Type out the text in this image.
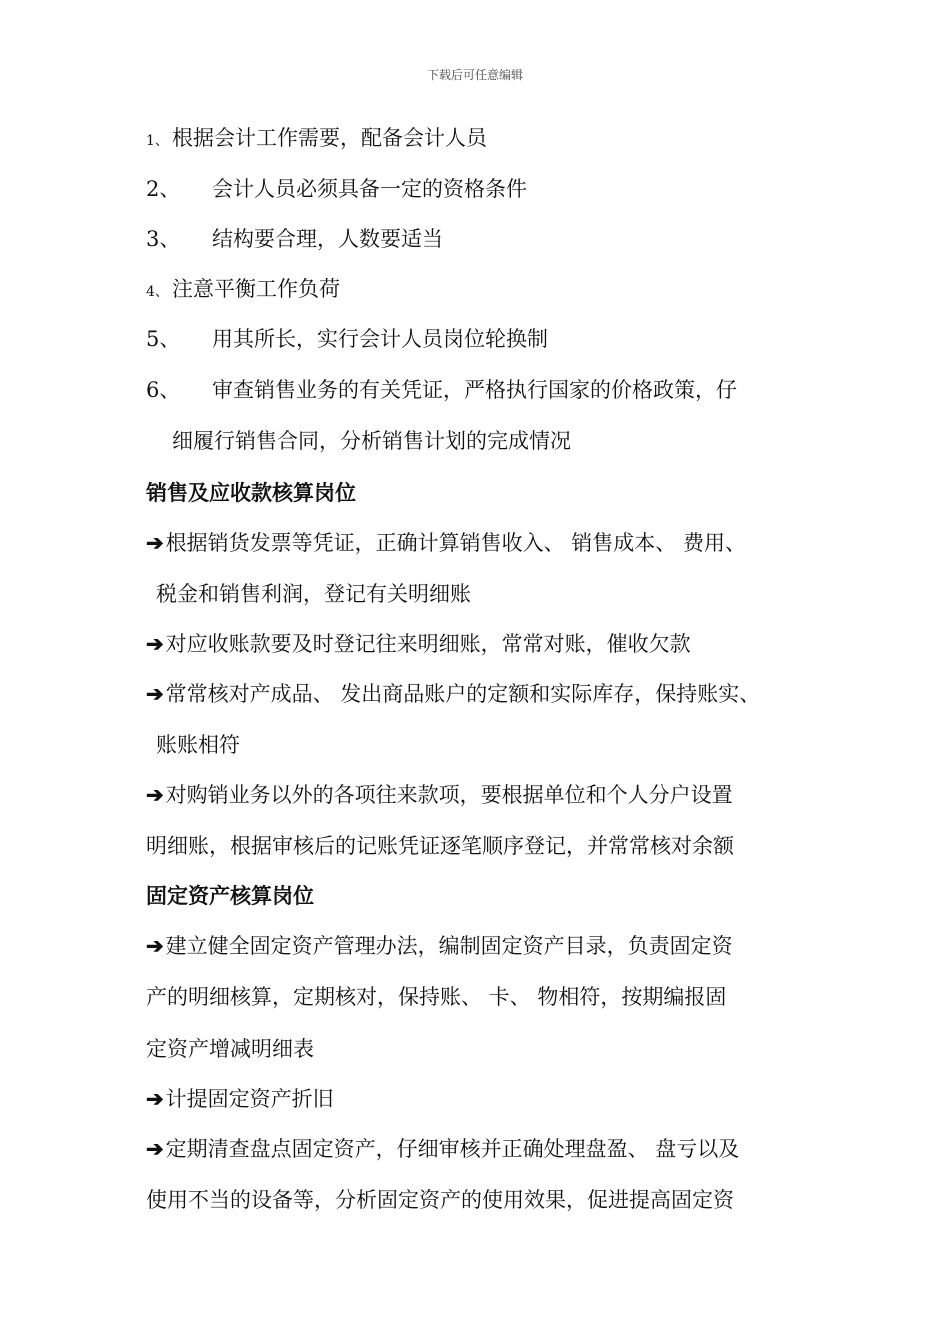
下载后可任意编辑
1、 根据会计工作需要，配备会计人员
2、 会计人员必须具备一定的资格条件
3、 结构要合理，人数要适当
4、 注意平衡工作负荷
5、 用其所长，实行会计人员岗位轮换制
6、 审查销售业务的有关凭证，严格执行国家的价格政策，仔
细履行销售合同，分析销售计划的完成情况
销售及应收款核算岗位
➔根据销货发票等凭证，正确计算销售收入、 销售成本、 费用、
税金和销售利润，登记有关明细账
➔对应收账款要及时登记往来明细账，常常对账，催收欠款
➔常常核对产成品、 发出商品账户的定额和实际库存，保持账实、
账账相符
➔对购销业务以外的各项往来款项，要根据单位和个人分户设置
明细账，根据审核后的记账凭证逐笔顺序登记，并常常核对余额
固定资产核算岗位
➔建立健全固定资产管理办法，编制固定资产目录，负责固定资
产的明细核算，定期核对，保持账、 卡、 物相符，按期编报固
定资产增减明细表
➔计提固定资产折旧
➔定期清查盘点固定资产，仔细审核并正确处理盘盈、 盘亏以及
使用不当的设备等，分析固定资产的使用效果，促进提高固定资
